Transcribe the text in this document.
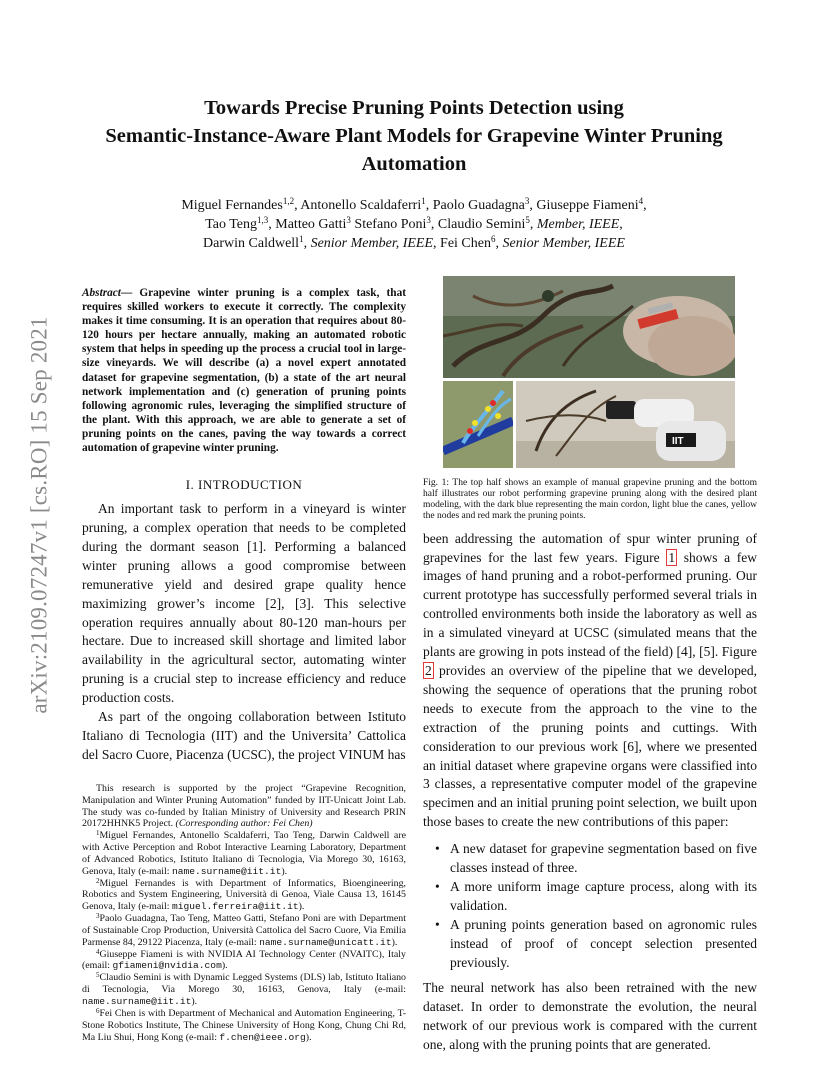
arXiv:2109.07247v1 [cs.RO] 15 Sep 2021
Towards Precise Pruning Points Detection using
Semantic-Instance-Aware Plant Models for Grapevine Winter Pruning
Automation
Miguel Fernandes$^{1,2}$, Antonello Scaldaferri$^1$, Paolo Guadagna$^3$, Giuseppe Fiameni$^4$,
Tao Teng$^{1,3}$, Matteo Gatti$^3$ Stefano Poni$^3$, Claudio Semini$^5$, Member, IEEE,
Darwin Caldwell$^1$, Senior Member, IEEE, Fei Chen$^6$, Senior Member, IEEE
Abstract— Grapevine winter pruning is a complex task, that requires skilled workers to execute it correctly. The complexity makes it time consuming. It is an operation that requires about 80-120 hours per hectare annually, making an automated robotic system that helps in speeding up the process a crucial tool in large-size vineyards. We will describe (a) a novel expert annotated dataset for grapevine segmentation, (b) a state of the art neural network implementation and (c) generation of pruning points following agronomic rules, leveraging the simplified structure of the plant. With this approach, we are able to generate a set of pruning points on the canes, paving the way towards a correct automation of grapevine winter pruning.
I. INTRODUCTION

An important task to perform in a vineyard is winter pruning, a complex operation that needs to be completed during the dormant season [1]. Performing a balanced winter pruning allows a good compromise between remunerative yield and desired grape quality hence maximizing grower’s income [2], [3]. This selective operation requires annually about 80-120 man-hours per hectare. Due to increased skill shortage and limited labor availability in the agricultural sector, automating winter pruning is a crucial step to increase efficiency and reduce production costs.

As part of the ongoing collaboration between Istituto Italiano di Tecnologia (IIT) and the Universita’ Cattolica del Sacro Cuore, Piacenza (UCSC), the project VINUM has

This research is supported by the project “Grapevine Recognition, Manipulation and Winter Pruning Automation” funded by IIT-Unicatt Joint Lab. The study was co-funded by Italian Ministry of University and Research PRIN 20172HHNK5 Project. (Corresponding author: Fei Chen)

$^1$Miguel Fernandes, Antonello Scaldaferri, Tao Teng, Darwin Caldwell are with Active Perception and Robot Interactive Learning Laboratory, Department of Advanced Robotics, Istituto Italiano di Tecnologia, Via Morego 30, 16163, Genova, Italy (e-mail: name.surname@iit.it).

$^2$Miguel Fernandes is with Department of Informatics, Bioengineering, Robotics and System Engineering, Università di Genoa, Viale Causa 13, 16145 Genova, Italy (e-mail: miguel.ferreira@iit.it).

$^3$Paolo Guadagna, Tao Teng, Matteo Gatti, Stefano Poni are with Department of Sustainable Crop Production, Università Cattolica del Sacro Cuore, Via Emilia Parmense 84, 29122 Piacenza, Italy (e-mail: name.surname@unicatt.it).

$^4$Giuseppe Fiameni is with NVIDIA AI Technology Center (NVAITC), Italy (email: gfiameni@nvidia.com).

$^5$Claudio Semini is with Dynamic Legged Systems (DLS) lab, Istituto Italiano di Tecnologia, Via Morego 30, 16163, Genova, Italy (e-mail: name.surname@iit.it).

$^6$Fei Chen is with Department of Mechanical and Automation Engineering, T-Stone Robotics Institute, The Chinese University of Hong Kong, Chung Chi Rd, Ma Liu Shui, Hong Kong (e-mail: f.chen@ieee.org).

IIT
Fig. 1: The top half shows an example of manual grapevine pruning and the bottom half illustrates our robot performing grapevine pruning along with the desired plant modeling, with the dark blue representing the main cordon, light blue the canes, yellow the nodes and red mark the pruning points.

been addressing the automation of spur winter pruning of grapevines for the last few years. Figure 1 shows a few images of hand pruning and a robot-performed pruning. Our current prototype has successfully performed several trials in controlled environments both inside the laboratory as well as in a simulated vineyard at UCSC (simulated means that the plants are growing in pots instead of the field) [4], [5]. Figure 2 provides an overview of the pipeline that we developed, showing the sequence of operations that the pruning robot needs to execute from the approach to the vine to the extraction of the pruning points and cuttings. With consideration to our previous work [6], where we presented an initial dataset where grapevine organs were classified into 3 classes, a representative computer model of the grapevine specimen and an initial pruning point selection, we built upon those bases to create the new contributions of this paper:

• A new dataset for grapevine segmentation based on five classes instead of three.
• A more uniform image capture process, along with its validation.
• A pruning points generation based on agronomic rules instead of proof of concept selection presented previously.

The neural network has also been retrained with the new dataset. In order to demonstrate the evolution, the neural network of our previous work is compared with the current one, along with the pruning points that are generated.
